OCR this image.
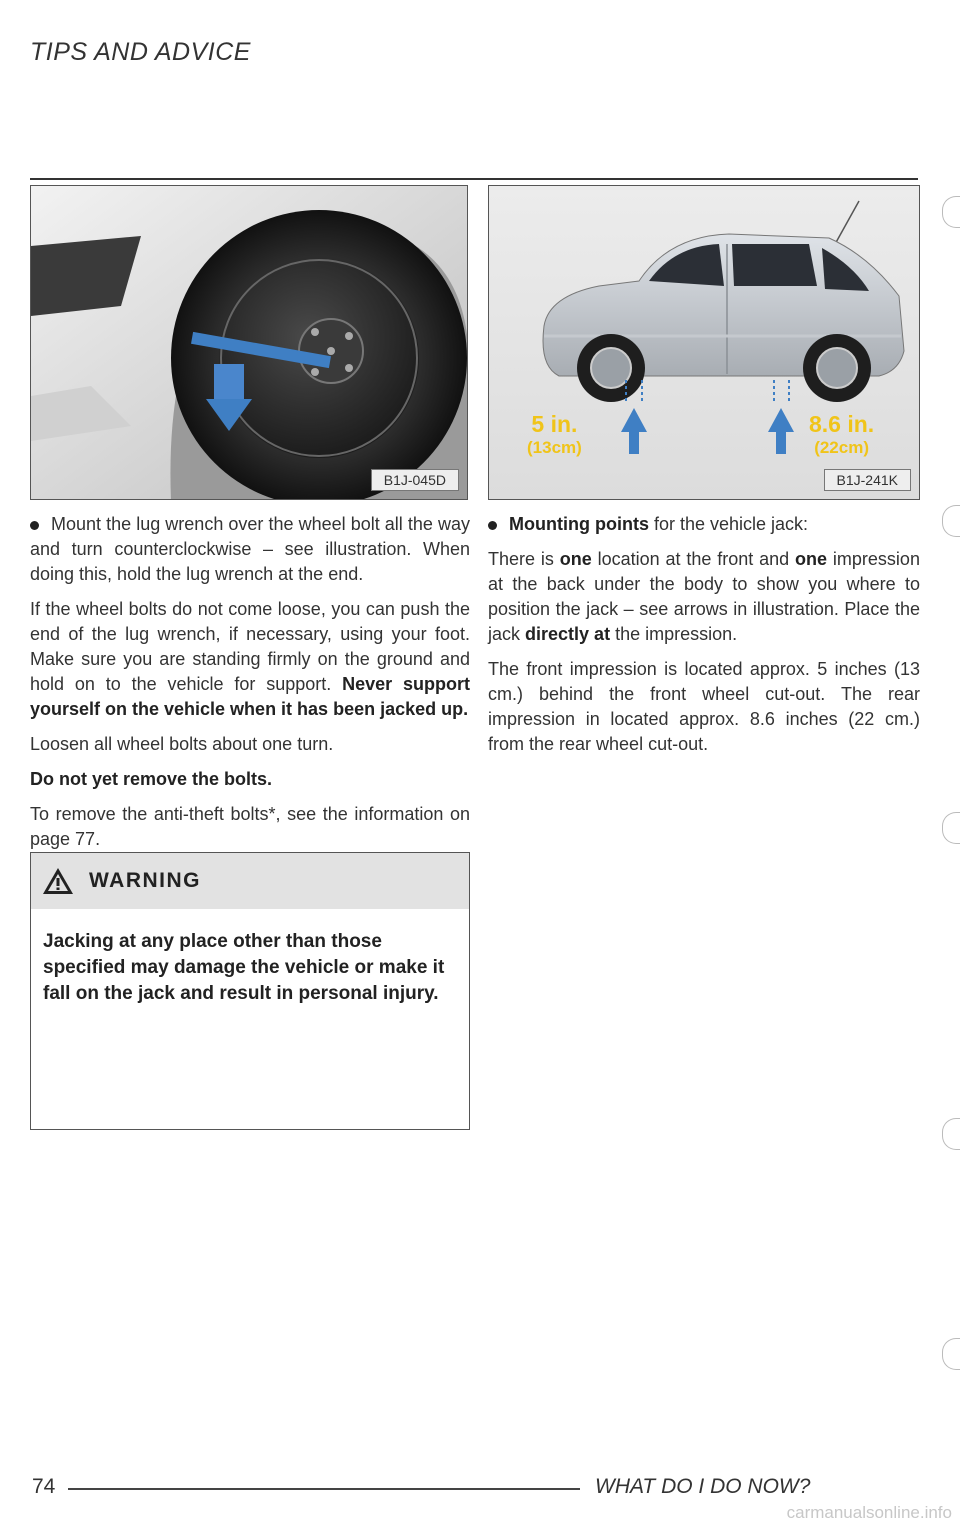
TIPS AND ADVICE
B1J-045D
5 in.
(13cm)
8.6 in.
(22cm)
B1J-241K

Mount the lug wrench over the wheel bolt all the way and turn counterclockwise – see illustration. When doing this, hold the lug wrench at the end.

If the wheel bolts do not come loose, you can push the end of the lug wrench, if necessary, using your foot. Make sure you are standing firmly on the ground and hold on to the vehicle for support. Never support yourself on the vehicle when it has been jacked up.

Loosen all wheel bolts about one turn.

Do not yet remove the bolts.

To remove the anti-theft bolts*, see the information on page 77.

WARNING
Jacking at any place other than those specified may damage the vehicle or make it fall on the jack and result in personal injury.

Mounting points for the vehicle jack:

There is one location at the front and one impression at the back under the body to show you where to position the jack – see arrows in illustration. Place the jack directly at the impression.

The front impression is located approx. 5 inches (13 cm.) behind the front wheel cut-out. The rear impression in located approx. 8.6 inches (22 cm.) from the rear wheel cut-out.

74	WHAT DO I DO NOW?
carmanualsonline.info
